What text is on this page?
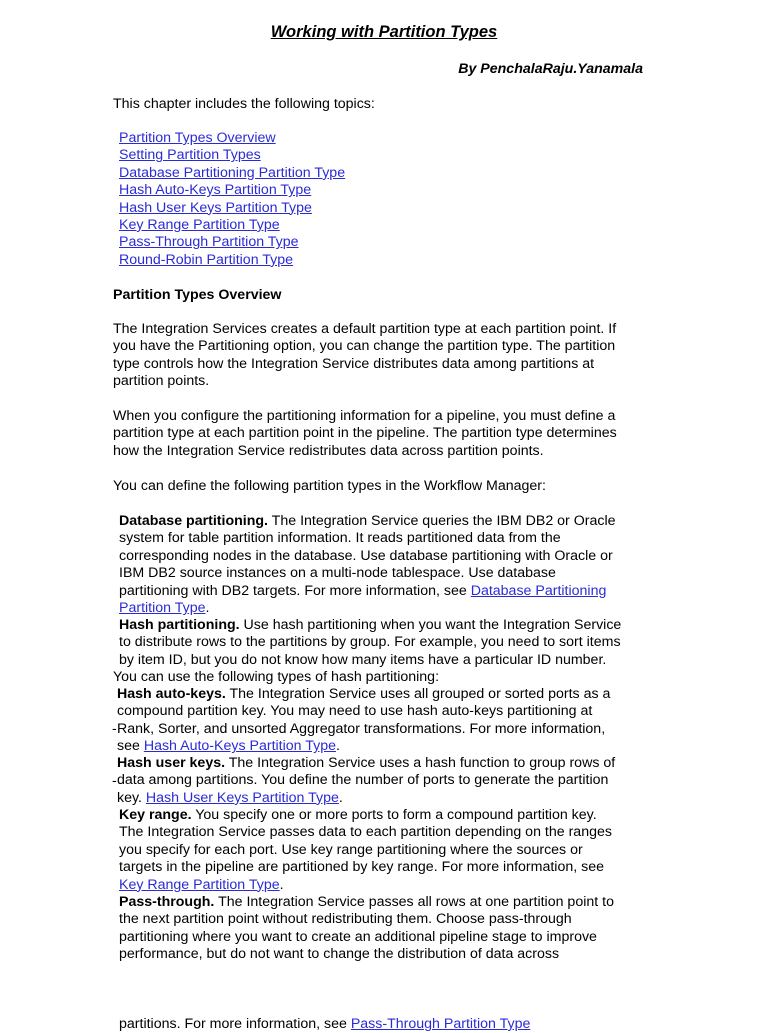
Working with Partition Types
By PenchalaRaju.Yanamala
This chapter includes the following topics:
Partition Types Overview
Setting Partition Types
Database Partitioning Partition Type
Hash Auto-Keys Partition Type
Hash User Keys Partition Type
Key Range Partition Type
Pass-Through Partition Type
Round-Robin Partition Type
Partition Types Overview
The Integration Services creates a default partition type at each partition point. If
you have the Partitioning option, you can change the partition type. The partition
type controls how the Integration Service distributes data among partitions at
partition points.
When you configure the partitioning information for a pipeline, you must define a
partition type at each partition point in the pipeline. The partition type determines
how the Integration Service redistributes data across partition points.
You can define the following partition types in the Workflow Manager:
Database partitioning. The Integration Service queries the IBM DB2 or Oracle
system for table partition information. It reads partitioned data from the
corresponding nodes in the database. Use database partitioning with Oracle or
IBM DB2 source instances on a multi-node tablespace. Use database
partitioning with DB2 targets. For more information, see Database Partitioning
Partition Type.
Hash partitioning. Use hash partitioning when you want the Integration Service
to distribute rows to the partitions by group. For example, you need to sort items
by item ID, but you do not know how many items have a particular ID number.
You can use the following types of hash partitioning:
Hash auto-keys. The Integration Service uses all grouped or sorted ports as a
compound partition key. You may need to use hash auto-keys partitioning at
Rank, Sorter, and unsorted Aggregator transformations. For more information,
see Hash Auto-Keys Partition Type.
-
Hash user keys. The Integration Service uses a hash function to group rows of
data among partitions. You define the number of ports to generate the partition
key. Hash User Keys Partition Type.
-
Key range. You specify one or more ports to form a compound partition key.
The Integration Service passes data to each partition depending on the ranges
you specify for each port. Use key range partitioning where the sources or
targets in the pipeline are partitioned by key range. For more information, see
Key Range Partition Type.
Pass-through. The Integration Service passes all rows at one partition point to
the next partition point without redistributing them. Choose pass-through
partitioning where you want to create an additional pipeline stage to improve
performance, but do not want to change the distribution of data across
partitions. For more information, see Pass-Through Partition Type
